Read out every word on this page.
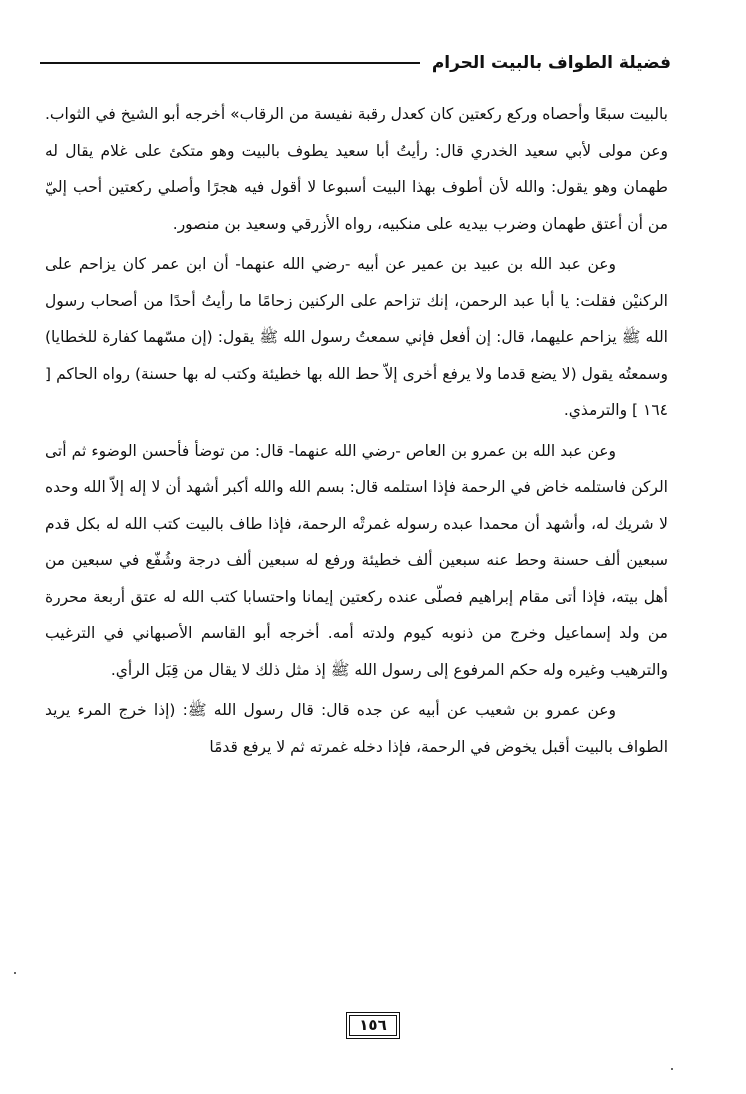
فضيلة الطواف بالبيت الحرام

بالبيت سبعًا وأحصاه وركع ركعتين كان كعدل رقبة نفيسة من الرقاب» أخرجه أبو الشيخ في الثواب. وعن مولى لأبي سعيد الخدري قال: رأيتُ أبا سعيد يطوف بالبيت وهو متكئ على غلام يقال له طهمان وهو يقول: والله لأن أطوف بهذا البيت أسبوعا لا أقول فيه هجرًا وأصلي ركعتين أحب إليّ من أن أعتق طهمان وضرب بيديه على منكبيه، رواه الأزرقي وسعيد بن منصور.

وعن عبد الله بن عبيد بن عمير عن أبيه -رضي الله عنهما- أن ابن عمر كان يزاحم على الركنيْن فقلت: يا أبا عبد الرحمن، إنك تزاحم على الركنين زحامًا ما رأيتُ أحدًا من أصحاب رسول الله ﷺ يزاحم عليهما، قال: إن أفعل فإني سمعتُ رسول الله ﷺ يقول: (إن مسّهما كفارة للخطايا) وسمعتُه يقول (لا يضع قدما ولا يرفع أخرى إلاّ حط الله بها خطيئة وكتب له بها حسنة) رواه الحاكم [ ١٦٤ ] والترمذي.

وعن عبد الله بن عمرو بن العاص -رضي الله عنهما- قال: من توضأ فأحسن الوضوء ثم أتى الركن فاستلمه خاض في الرحمة فإذا استلمه قال: بسم الله والله أكبر أشهد أن لا إله إلاّ الله وحده لا شريك له، وأشهد أن محمدا عبده رسوله غمرتْه الرحمة، فإذا طاف بالبيت كتب الله له بكل قدم سبعين ألف حسنة وحط عنه سبعين ألف خطيئة ورفع له سبعين ألف درجة وشُفّع في سبعين من أهل بيته، فإذا أتى مقام إبراهيم فصلّى عنده ركعتين إيمانا واحتسابا كتب الله له عتق أربعة محررة من ولد إسماعيل وخرج من ذنوبه كيوم ولدته أمه. أخرجه أبو القاسم الأصبهاني في الترغيب والترهيب وغيره وله حكم المرفوع إلى رسول الله ﷺ إذ مثل ذلك لا يقال من قِبَل الرأي.

وعن عمرو بن شعيب عن أبيه عن جده قال: قال رسول الله ﷺ: (إذا خرج المرء يريد الطواف بالبيت أقبل يخوض في الرحمة، فإذا دخله غمرته ثم لا يرفع قدمًا

١٥٦
